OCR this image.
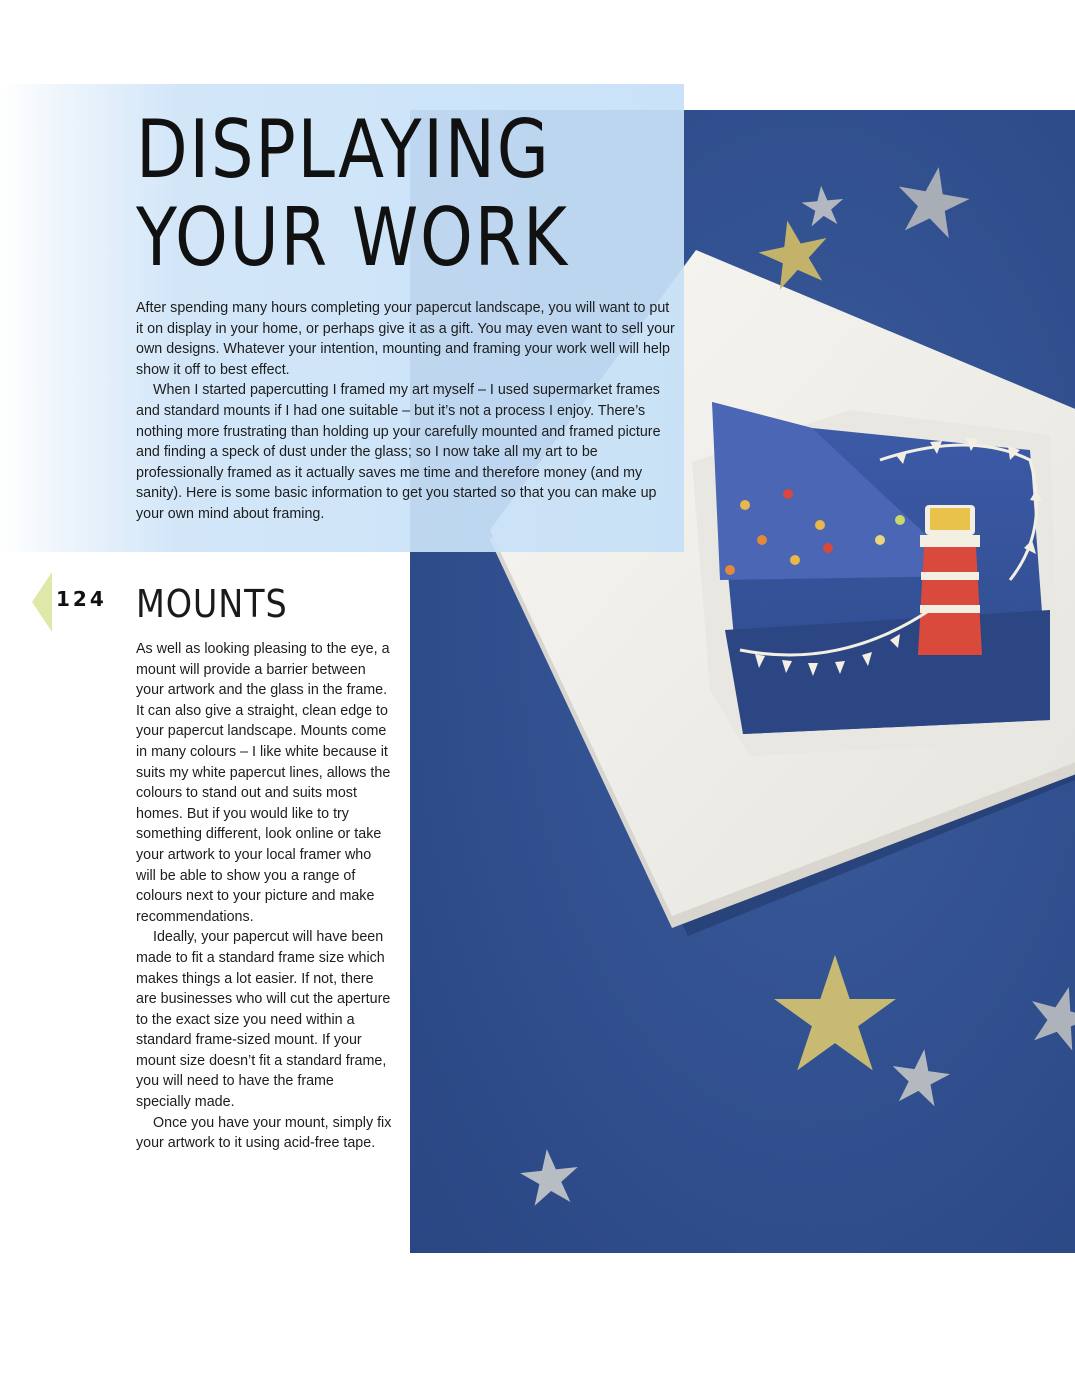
DISPLAYING
YOUR WORK

After spending many hours completing your papercut landscape, you will want to put it on display in your home, or perhaps give it as a gift. You may even want to sell your own designs. Whatever your intention, mounting and framing your work well will help show it off to best effect.

When I started papercutting I framed my art myself – I used supermarket frames and standard mounts if I had one suitable – but it’s not a process I enjoy. There’s nothing more frustrating than holding up your carefully mounted and framed picture and finding a speck of dust under the glass; so I now take all my art to be professionally framed as it actually saves me time and therefore money (and my sanity). Here is some basic information to get you started so that you can make up your own mind about framing.

124 MOUNTS

As well as looking pleasing to the eye, a mount will provide a barrier between your artwork and the glass in the frame. It can also give a straight, clean edge to your papercut landscape. Mounts come in many colours – I like white because it suits my white papercut lines, allows the colours to stand out and suits most homes. But if you would like to try something different, look online or take your artwork to your local framer who will be able to show you a range of colours next to your picture and make recommendations.

Ideally, your papercut will have been made to fit a standard frame size which makes things a lot easier. If not, there are businesses who will cut the aperture to the exact size you need within a standard frame-sized mount. If your mount size doesn’t fit a standard frame, you will need to have the frame specially made.

Once you have your mount, simply fix your artwork to it using acid-free tape.
